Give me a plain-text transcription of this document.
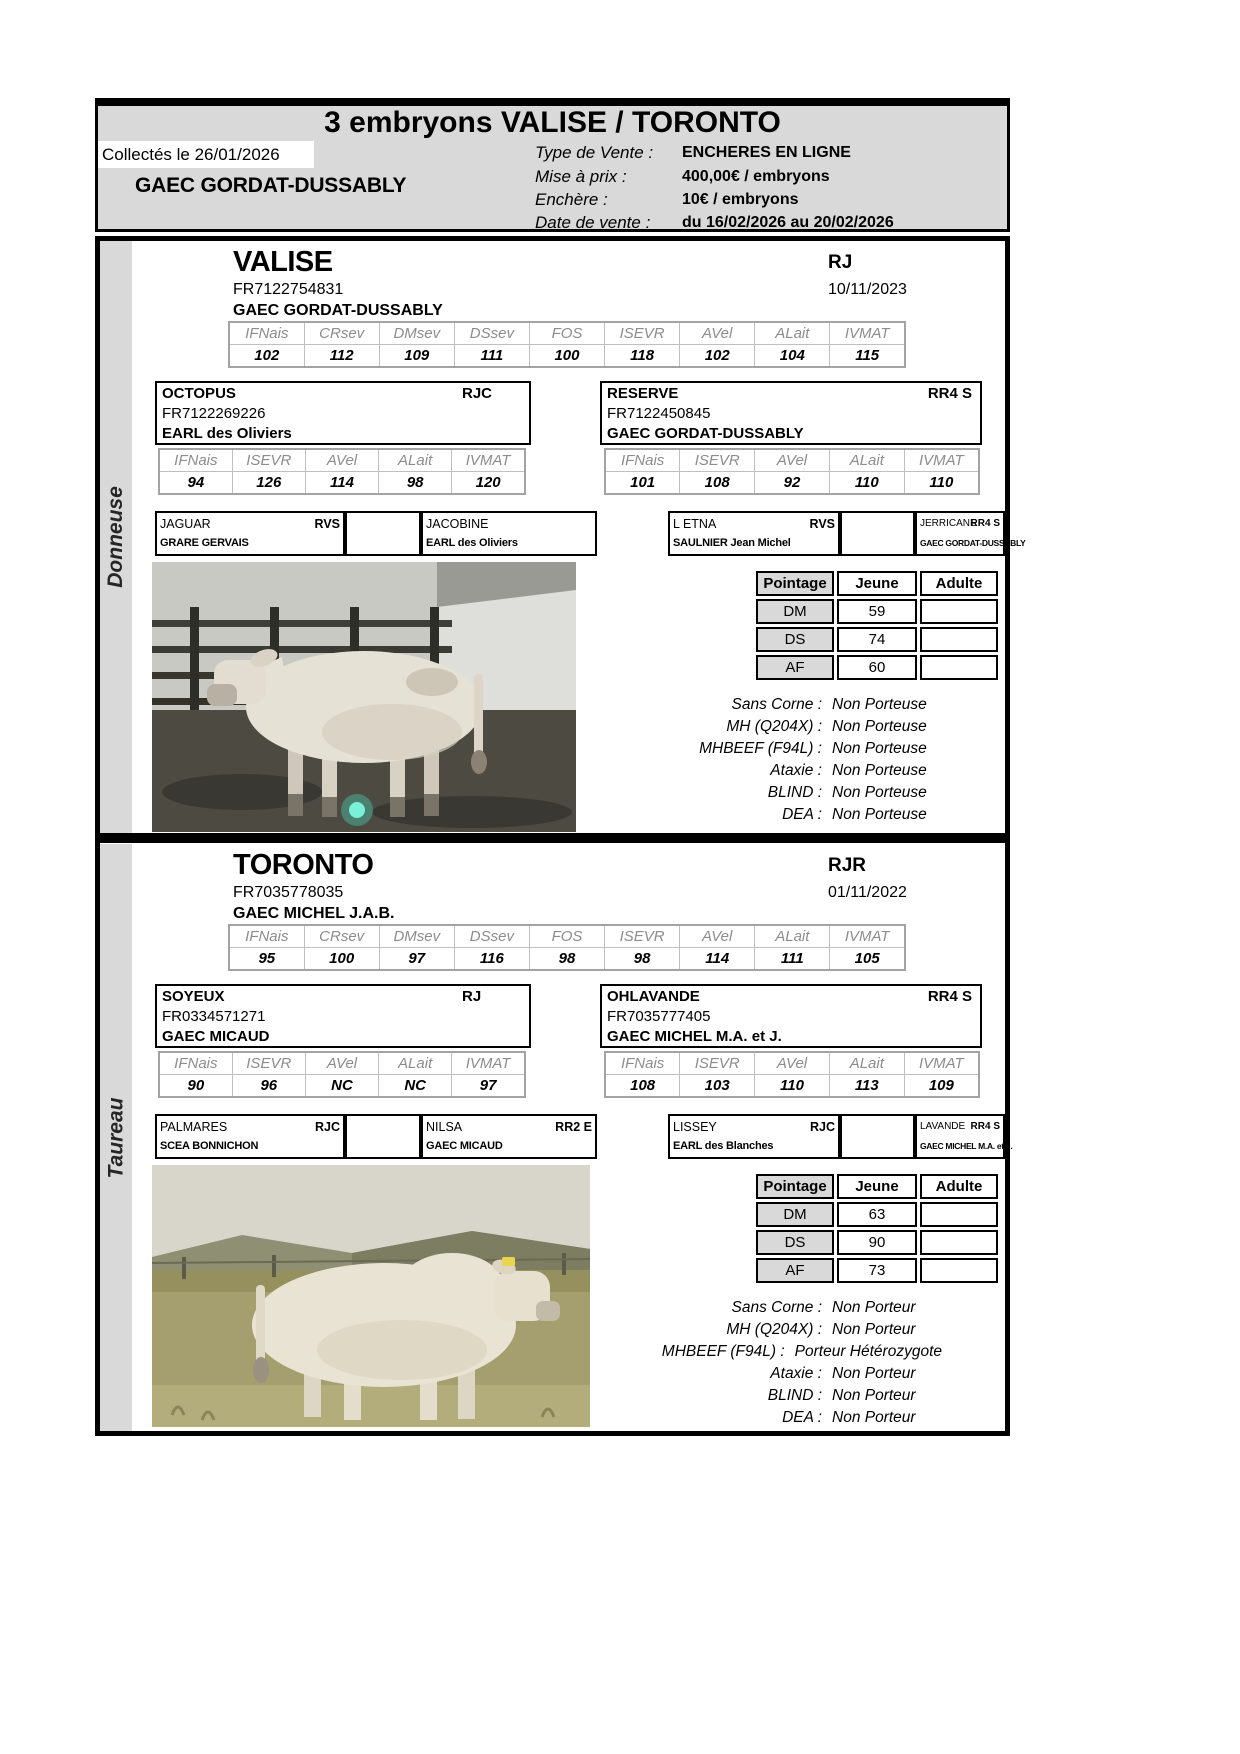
3 embryons VALISE / TORONTO
Collectés le 26/01/2026
GAEC GORDAT-DUSSABLY
Type de Vente :	ENCHERES EN LIGNE
Mise à prix :	400,00€ / embryons
Enchère :	10€ / embryons
Date de vente :	du 16/02/2026 au 20/02/2026
Donneuse
Taureau
VALISE	RJ
FR7122754831	10/11/2023
GAEC GORDAT-DUSSABLY
IFNais	CRsev	DMsev	DSsev	FOS	ISEVR	AVel	ALait	IVMAT
102	112	109	111	100	118	102	104	115
OCTOPUS	RJC
FR7122269226
EARL des Oliviers
RESERVE	RR4 S
FR7122450845
GAEC GORDAT-DUSSABLY
IFNais	ISEVR	AVel	ALait	IVMAT
94	126	114	98	120
IFNais	ISEVR	AVel	ALait	IVMAT
101	108	92	110	110
JAGUAR	RVS
GRARE GERVAIS
JACOBINE
EARL des Oliviers
L ETNA	RVS
SAULNIER Jean Michel
JERRICANE
RR4 S
GAEC GORDAT-DUSSABLY
Pointage	Jeune	Adulte
DM	59	
DS	74	
AF	60	
Sans Corne : Non Porteuse
MH (Q204X) : Non Porteuse
MHBEEF (F94L) : Non Porteuse
Ataxie : Non Porteuse
BLIND : Non Porteuse
DEA : Non Porteuse
TORONTO	RJR
FR7035778035	01/11/2022
GAEC MICHEL J.A.B.
IFNais	CRsev	DMsev	DSsev	FOS	ISEVR	AVel	ALait	IVMAT
95	100	97	116	98	98	114	111	105
SOYEUX	RJ
FR0334571271
GAEC MICAUD
OHLAVANDE	RR4 S
FR7035777405
GAEC MICHEL M.A. et J.
IFNais	ISEVR	AVel	ALait	IVMAT
90	96	NC	NC	97
IFNais	ISEVR	AVel	ALait	IVMAT
108	103	110	113	109
PALMARES	RJC
SCEA BONNICHON
NILSA	RR2 E
GAEC MICAUD
LISSEY	RJC
EARL des Blanches
LAVANDE RR4 S
GAEC MICHEL M.A. et J.
Pointage	Jeune	Adulte
DM	63	
DS	90	
AF	73	
Sans Corne : Non Porteur
MH (Q204X) : Non Porteur
MHBEEF (F94L) : Porteur Hétérozygote
Ataxie : Non Porteur
BLIND : Non Porteur
DEA : Non Porteur
